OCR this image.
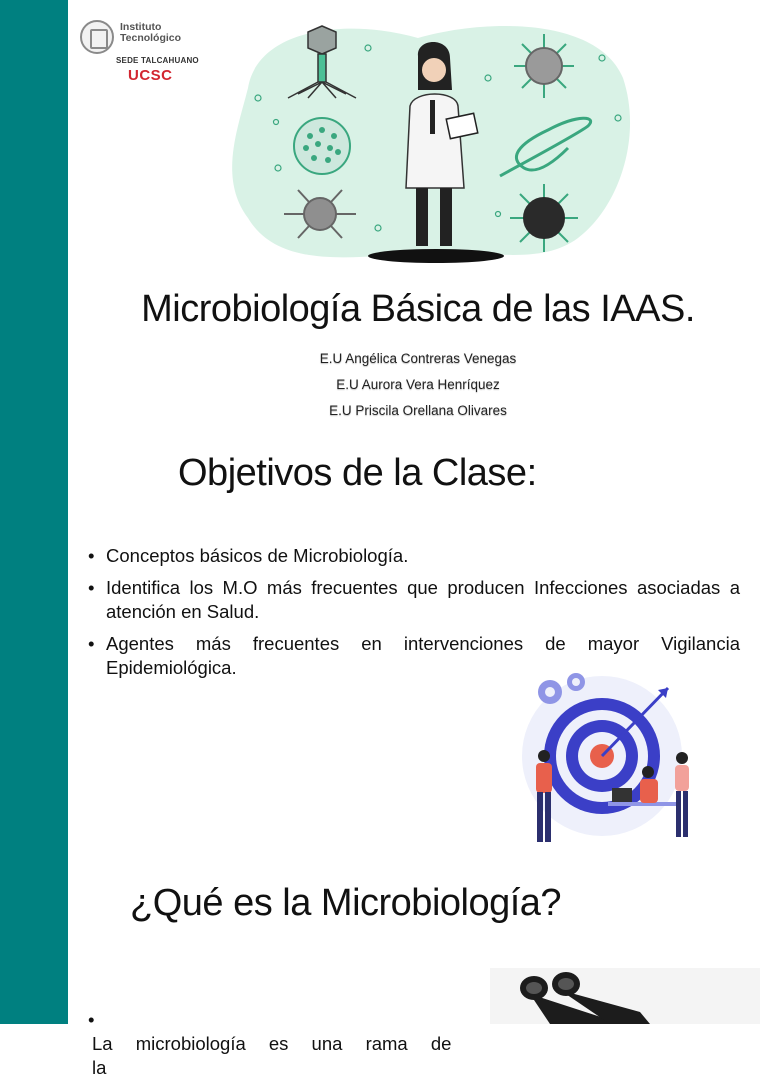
Instituto
Tecnológico
SEDE TALCAHUANO
UCSC
Microbiología Básica de las IAAS.
E.U Angélica Contreras Venegas
E.U Aurora Vera Henríquez
E.U Priscila Orellana Olivares
Objetivos de la Clase:
• Conceptos básicos de Microbiología.
• Identifica los M.O más frecuentes que producen Infecciones asociadas a atención en Salud.
• Agentes más frecuentes en intervenciones de mayor Vigilancia Epidemiológica.
¿Qué es la Microbiología?
• La microbiología es una rama de la
